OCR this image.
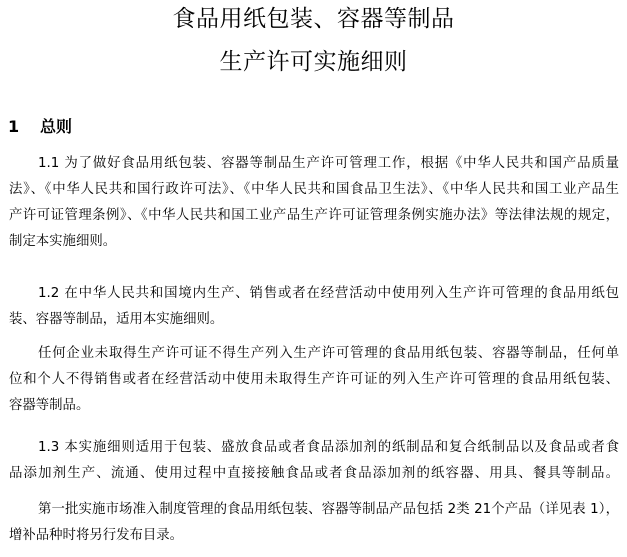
食品用纸包装、容器等制品
生产许可实施细则
1 总则
1.1 为了做好食品用纸包装、容器等制品生产许可管理工作，根据《中华人民共和国产品质量
法》、《中华人民共和国行政许可法》、《中华人民共和国食品卫生法》、《中华人民共和国工业产品生
产许可证管理条例》、《中华人民共和国工业产品生产许可证管理条例实施办法》等法律法规的规定，
制定本实施细则。
1.2 在中华人民共和国境内生产、销售或者在经营活动中使用列入生产许可管理的食品用纸包
装、容器等制品，适用本实施细则。
任何企业未取得生产许可证不得生产列入生产许可管理的食品用纸包装、容器等制品，任何单
位和个人不得销售或者在经营活动中使用未取得生产许可证的列入生产许可管理的食品用纸包装、
容器等制品。
1.3 本实施细则适用于包装、盛放食品或者食品添加剂的纸制品和复合纸制品以及食品或者食
品添加剂生产、流通、使用过程中直接接触食品或者食品添加剂的纸容器、用具、餐具等制品。
第一批实施市场准入制度管理的食品用纸包装、容器等制品产品包括 2类 21个产品（详见表 1），
增补品种时将另行发布目录。
